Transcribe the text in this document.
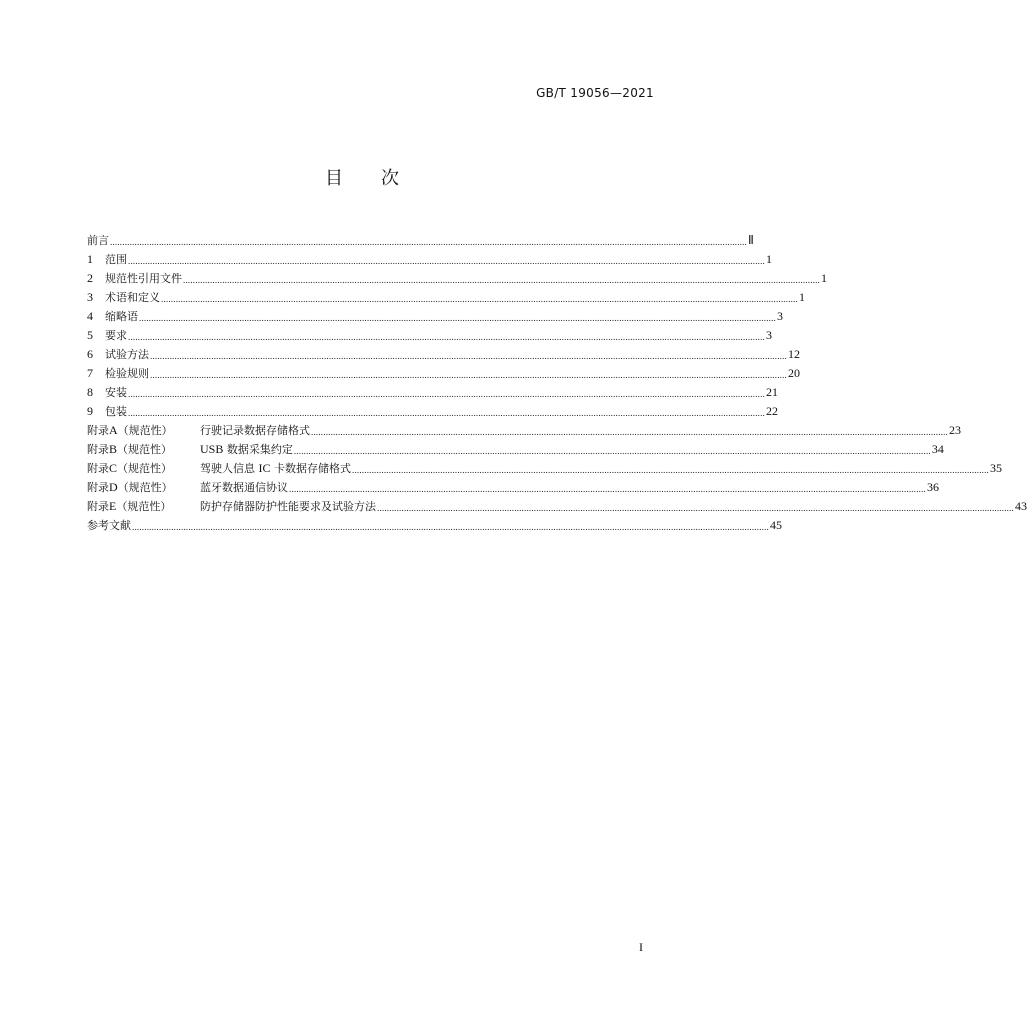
GB/T 19056—2021
目 次
前言 .................................................................................................................................................................................................................................................................... Ⅱ
1	范围 .................................................................................................................................................................................................................................................................... 1
2	规范性引用文件 .................................................................................................................................................................................................................................................................... 1
3	术语和定义 .................................................................................................................................................................................................................................................................... 1
4	缩略语 .................................................................................................................................................................................................................................................................... 3
5	要求 .................................................................................................................................................................................................................................................................... 3
6	试验方法 .................................................................................................................................................................................................................................................................... 12
7	检验规则 .................................................................................................................................................................................................................................................................... 20
8	安装 .................................................................................................................................................................................................................................................................... 21
9	包装 .................................................................................................................................................................................................................................................................... 22
附录A（规范性）	行驶记录数据存储格式 .................................................................................................................................................................................................................................................................... 23
附录B（规范性）	USB 数据采集约定 .................................................................................................................................................................................................................................................................... 34
附录C（规范性）	驾驶人信息 IC 卡数据存储格式 .................................................................................................................................................................................................................................................................... 35
附录D（规范性）	蓝牙数据通信协议 .................................................................................................................................................................................................................................................................... 36
附录E（规范性）	防护存储器防护性能要求及试验方法 .................................................................................................................................................................................................................................................................... 43
参考文献 .................................................................................................................................................................................................................................................................... 45
I
